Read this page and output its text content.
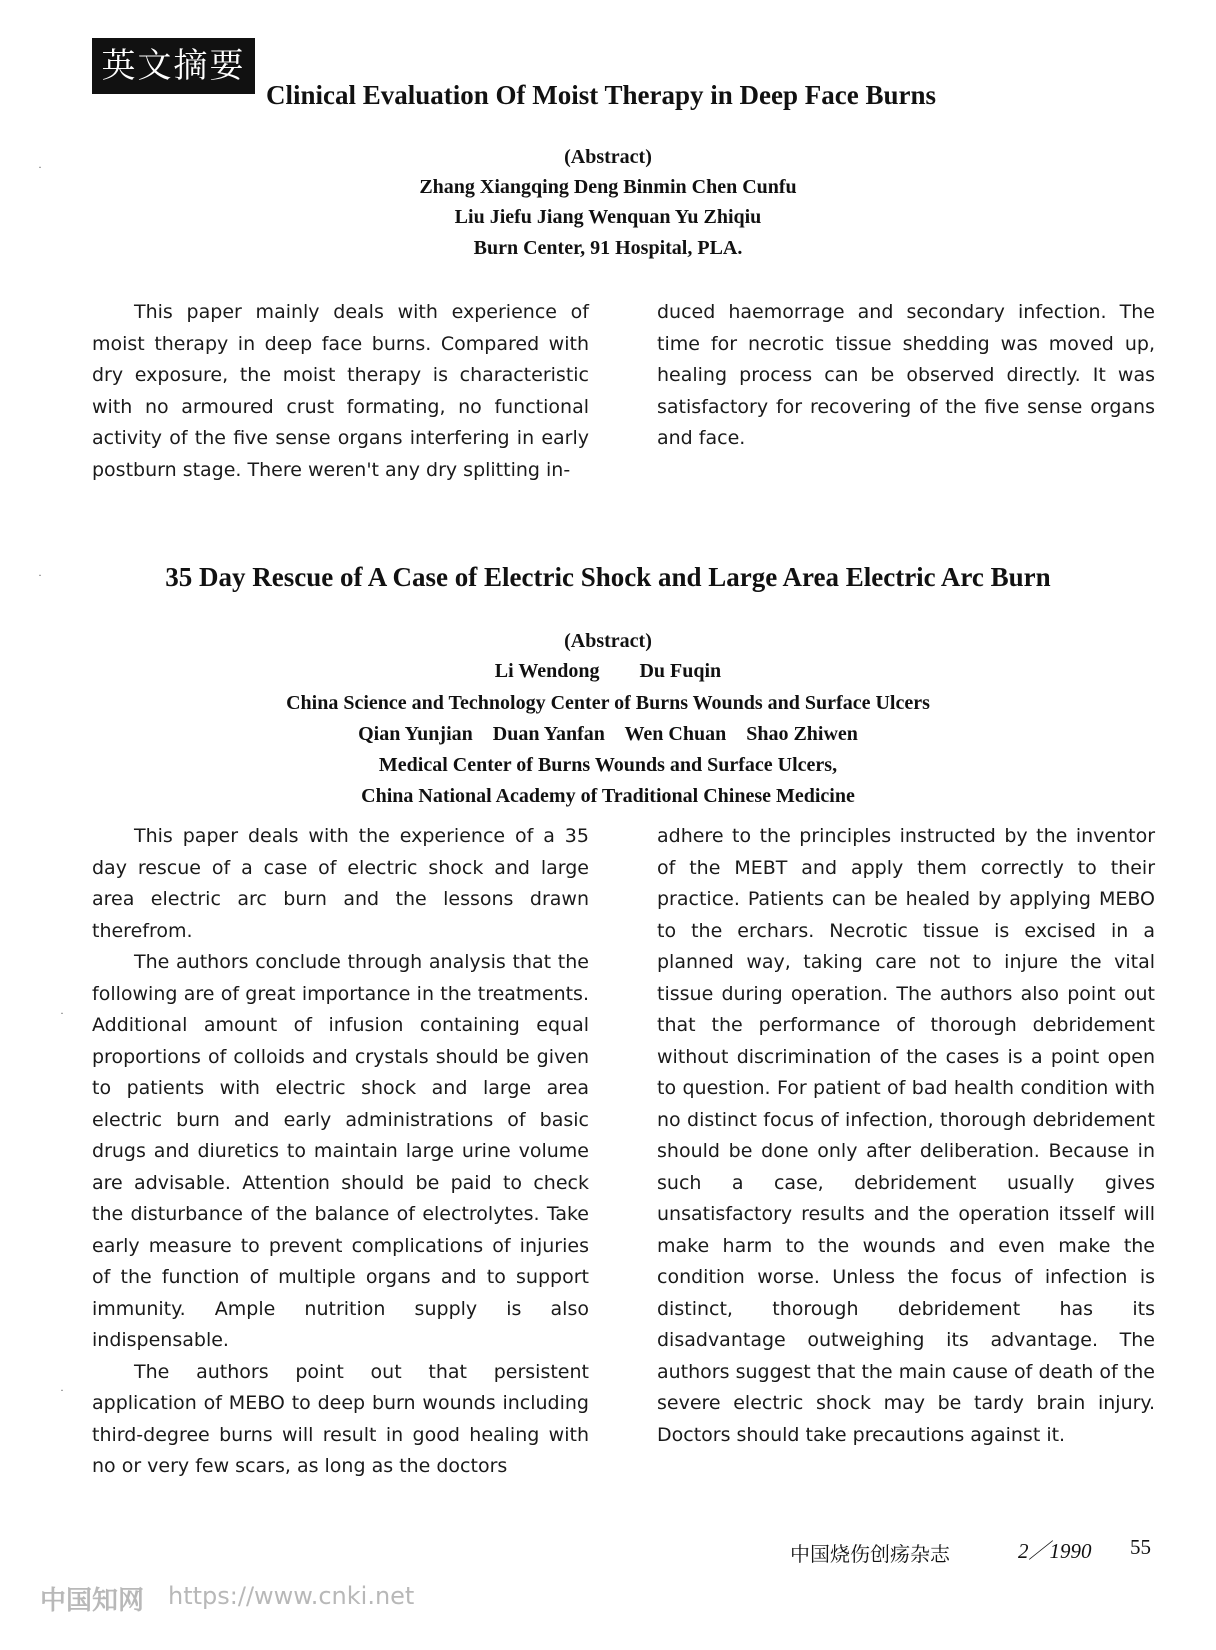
英文摘要
Clinical Evaluation Of Moist Therapy in Deep Face Burns
(Abstract)
Zhang Xiangqing Deng Binmin Chen Cunfu
Liu Jiefu Jiang Wenquan Yu Zhiqiu
Burn Center, 91 Hospital, PLA.

This paper mainly deals with experience of moist therapy in deep face burns. Compared with dry exposure, the moist therapy is characteristic with no armoured crust formating, no functional activity of the five sense organs interfering in early postburn stage. There weren't any dry splitting in-

duced haemorrage and secondary infection. The time for necrotic tissue shedding was moved up, healing process can be observed directly. It was satisfactory for recovering of the five sense organs and face.

35 Day Rescue of A Case of Electric Shock and Large Area Electric Arc Burn
(Abstract)
Li Wendong        Du Fuqin
China Science and Technology Center of Burns Wounds and Surface Ulcers
Qian Yunjian    Duan Yanfan    Wen Chuan    Shao Zhiwen
Medical Center of Burns Wounds and Surface Ulcers,
China National Academy of Traditional Chinese Medicine

This paper deals with the experience of a 35 day rescue of a case of electric shock and large area electric arc burn and the lessons drawn therefrom.

The authors conclude through analysis that the following are of great importance in the treatments. Additional amount of infusion containing equal proportions of colloids and crystals should be given to patients with electric shock and large area electric burn and early administrations of basic drugs and diuretics to maintain large urine volume are advisable. Attention should be paid to check the disturbance of the balance of electrolytes. Take early measure to prevent complications of injuries of the function of multiple organs and to support immunity. Ample nutrition supply is also indispensable.

The authors point out that persistent application of MEBO to deep burn wounds including third-degree burns will result in good healing with no or very few scars, as long as the doctors

adhere to the principles instructed by the inventor of the MEBT and apply them correctly to their practice. Patients can be healed by applying MEBO to the erchars. Necrotic tissue is excised in a planned way, taking care not to injure the vital tissue during operation. The authors also point out that the performance of thorough debridement without discrimination of the cases is a point open to question. For patient of bad health condition with no distinct focus of infection, thorough debridement should be done only after deliberation. Because in such a case, debridement usually gives unsatisfactory results and the operation itsself will make harm to the wounds and even make the condition worse. Unless the focus of infection is distinct, thorough debridement has its disadvantage outweighing its advantage. The authors suggest that the main cause of death of the severe electric shock may be tardy brain injury. Doctors should take precautions against it.

中国烧伤创疡杂志	2／1990 55
中国知网 https://www.cnki.net
·
·
·
·
